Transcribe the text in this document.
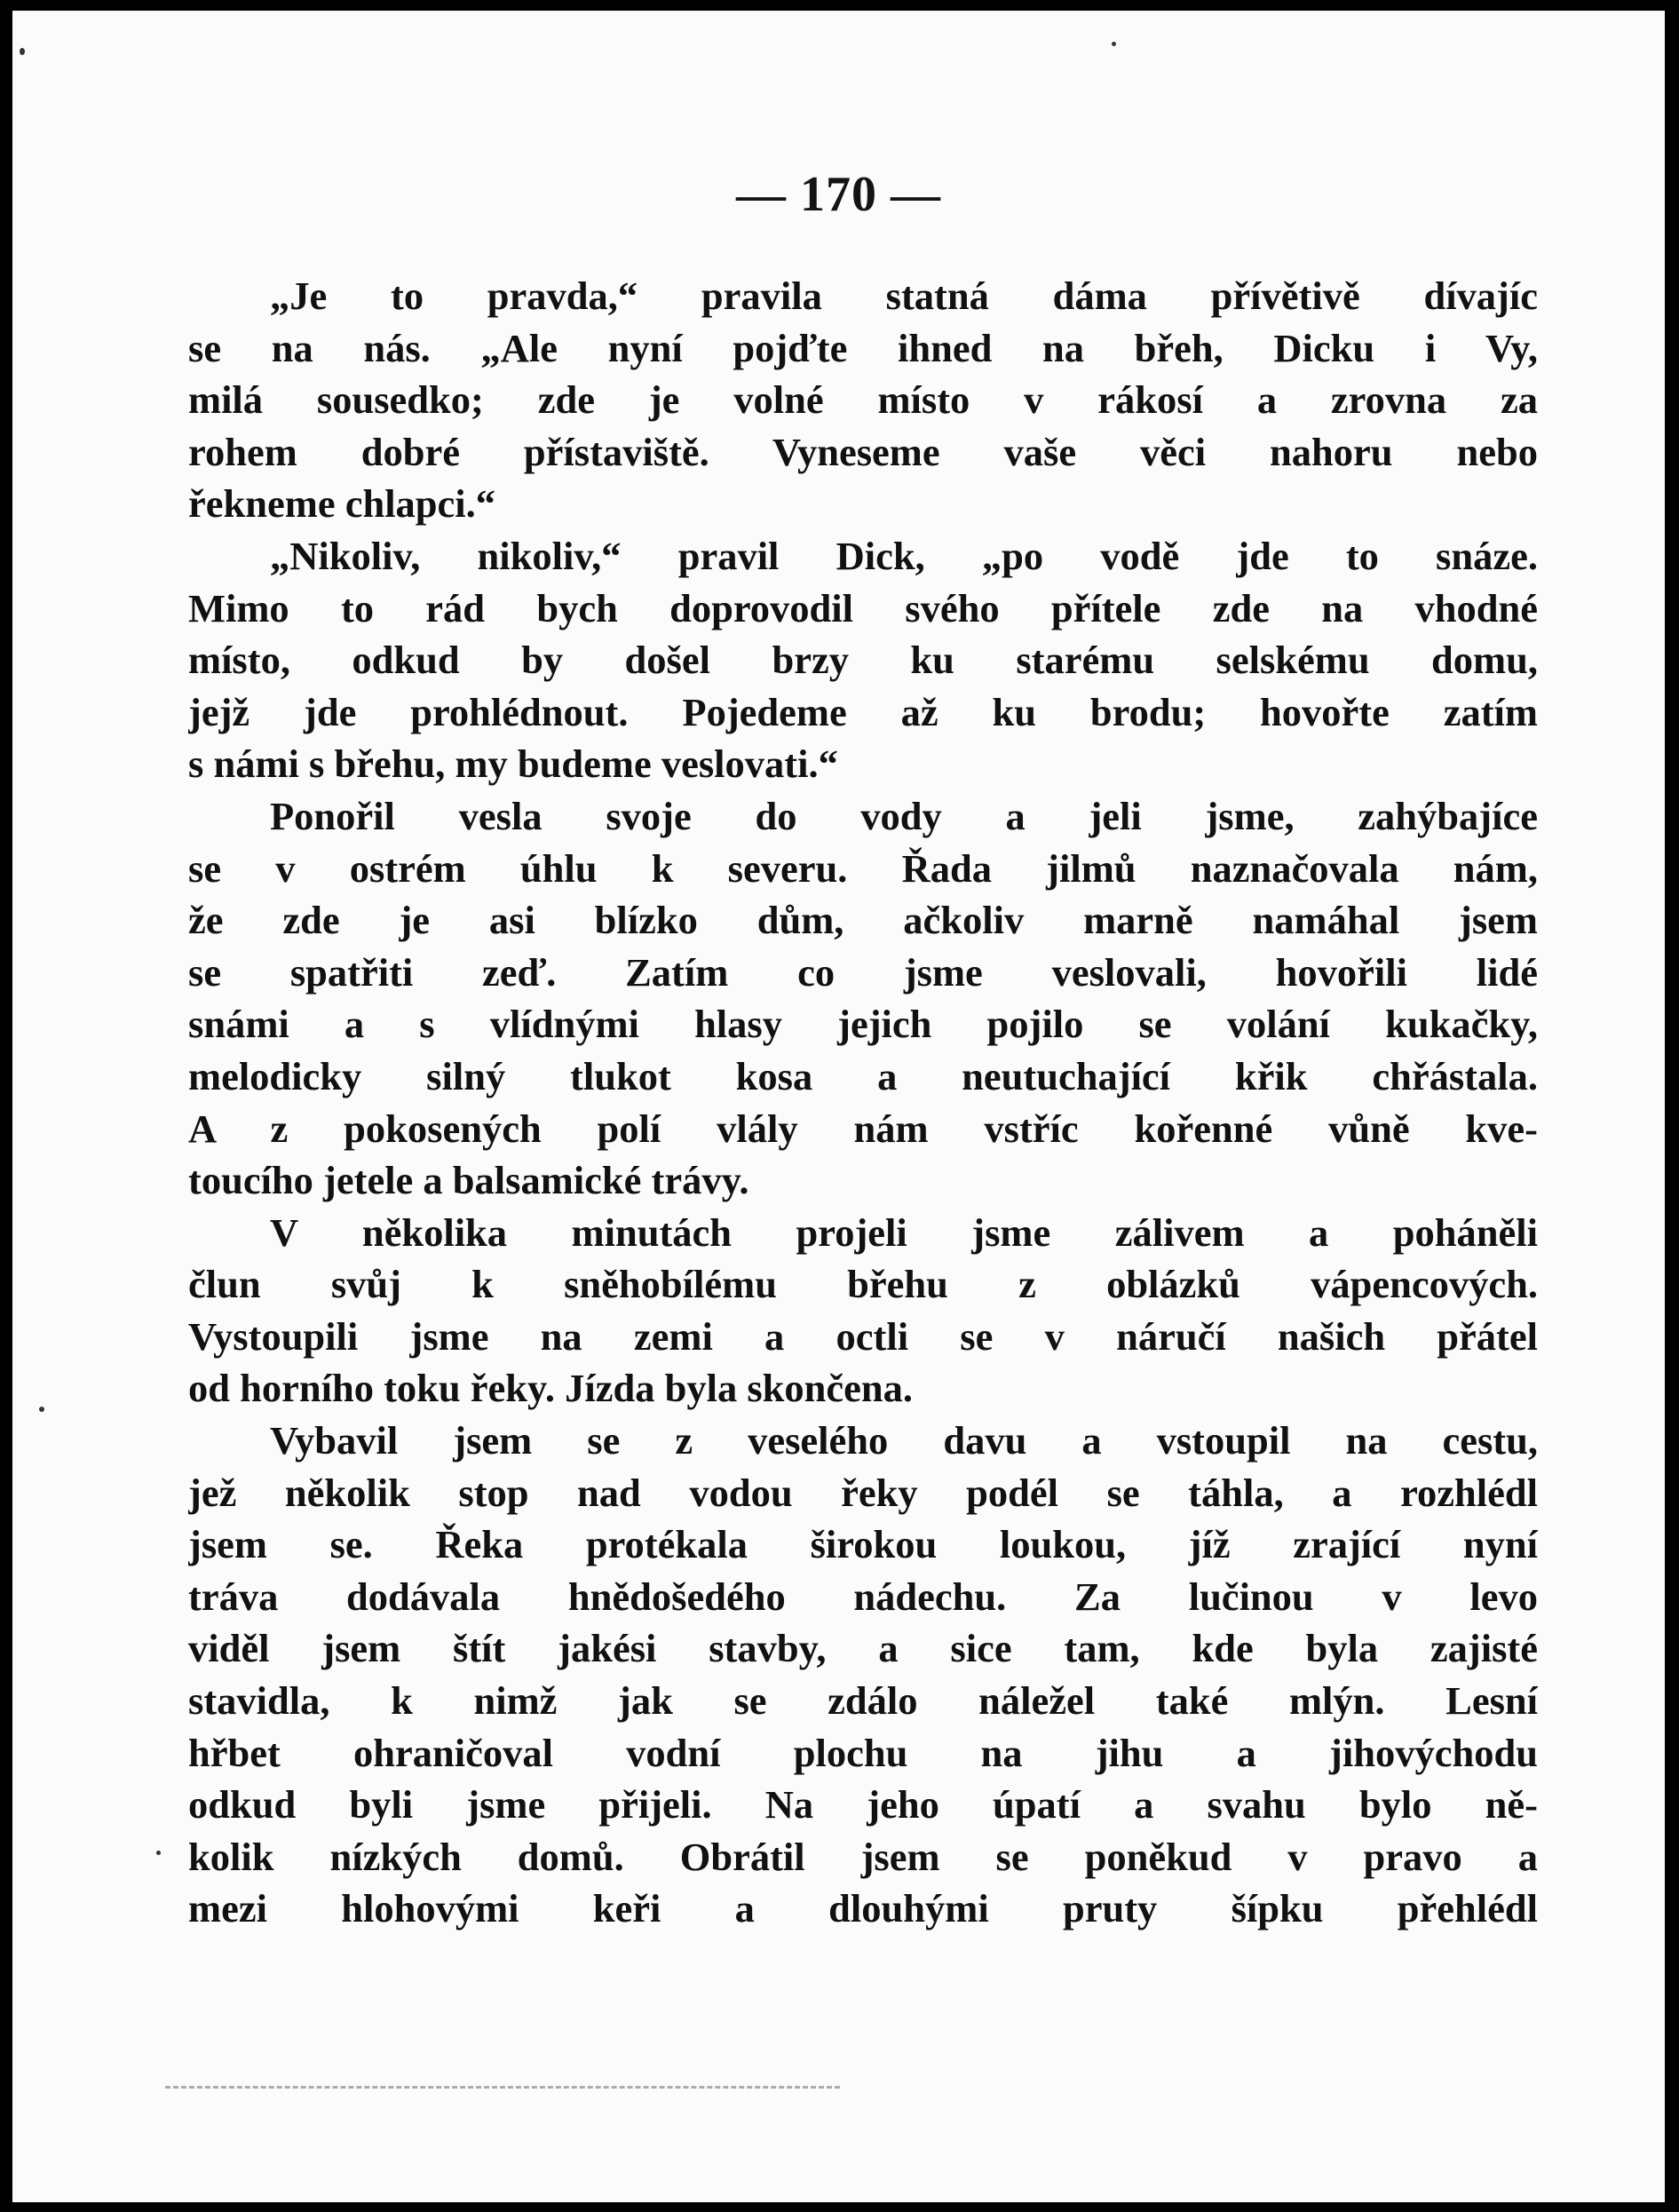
— 170 —
„Je to pravda,“ pravila statná dáma přívětivě dívajíc
se na nás. „Ale nyní pojďte ihned na břeh, Dicku i Vy,
milá sousedko; zde je volné místo v rákosí a zrovna za
rohem dobré přístaviště. Vyneseme vaše věci nahoru nebo
řekneme chlapci.“
„Nikoliv, nikoliv,“ pravil Dick, „po vodě jde to snáze.
Mimo to rád bych doprovodil svého přítele zde na vhodné
místo, odkud by došel brzy ku starému selskému domu,
jejž jde prohlédnout. Pojedeme až ku brodu; hovořte zatím
s námi s břehu, my budeme veslovati.“
Ponořil vesla svoje do vody a jeli jsme, zahýbajíce
se v ostrém úhlu k severu. Řada jilmů naznačovala nám,
že zde je asi blízko dům, ačkoliv marně namáhal jsem
se spatřiti zeď. Zatím co jsme veslovali, hovořili lidé
snámi a s vlídnými hlasy jejich pojilo se volání kukačky,
melodicky silný tlukot kosa a neutuchající křik chřástala.
A z pokosených polí vlály nám vstříc kořenné vůně kve-
toucího jetele a balsamické trávy.
V několika minutách projeli jsme zálivem a poháněli
člun svůj k sněhobílému břehu z oblázků vápencových.
Vystoupili jsme na zemi a octli se v náručí našich přátel
od horního toku řeky. Jízda byla skončena.
Vybavil jsem se z veselého davu a vstoupil na cestu,
jež několik stop nad vodou řeky podél se táhla, a rozhlédl
jsem se. Řeka protékala širokou loukou, jíž zrající nyní
tráva dodávala hnědošedého nádechu. Za lučinou v levo
viděl jsem štít jakési stavby, a sice tam, kde byla zajisté
stavidla, k nimž jak se zdálo náležel také mlýn. Lesní
hřbet ohraničoval vodní plochu na jihu a jihovýchodu
odkud byli jsme přijeli. Na jeho úpatí a svahu bylo ně-
kolik nízkých domů. Obrátil jsem se poněkud v pravo a
mezi hlohovými keři a dlouhými pruty šípku přehlédl
